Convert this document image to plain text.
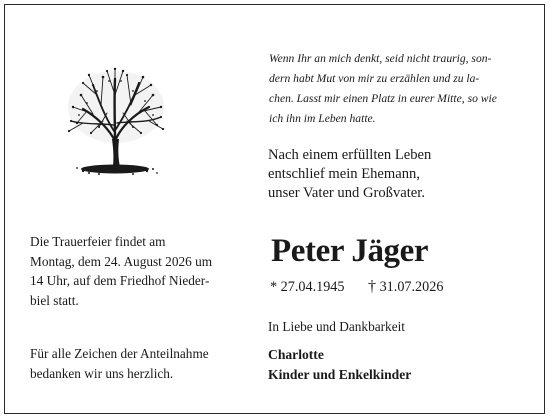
Wenn Ihr an mich denkt, seid nicht traurig, son-
dern habt Mut von mir zu erzählen und zu la-
chen. Lasst mir einen Platz in eurer Mitte, so wie
ich ihn im Leben hatte.
Nach einem erfüllten Leben
entschlief mein Ehemann,
unser Vater und Großvater.
Peter Jäger
* 27.04.1945 † 31.07.2026
Die Trauerfeier findet am
Montag, dem 24. August 2026 um
14 Uhr, auf dem Friedhof Nieder-
biel statt.
Für alle Zeichen der Anteilnahme
bedanken wir uns herzlich.
In Liebe und Dankbarkeit
Charlotte
Kinder und Enkelkinder
